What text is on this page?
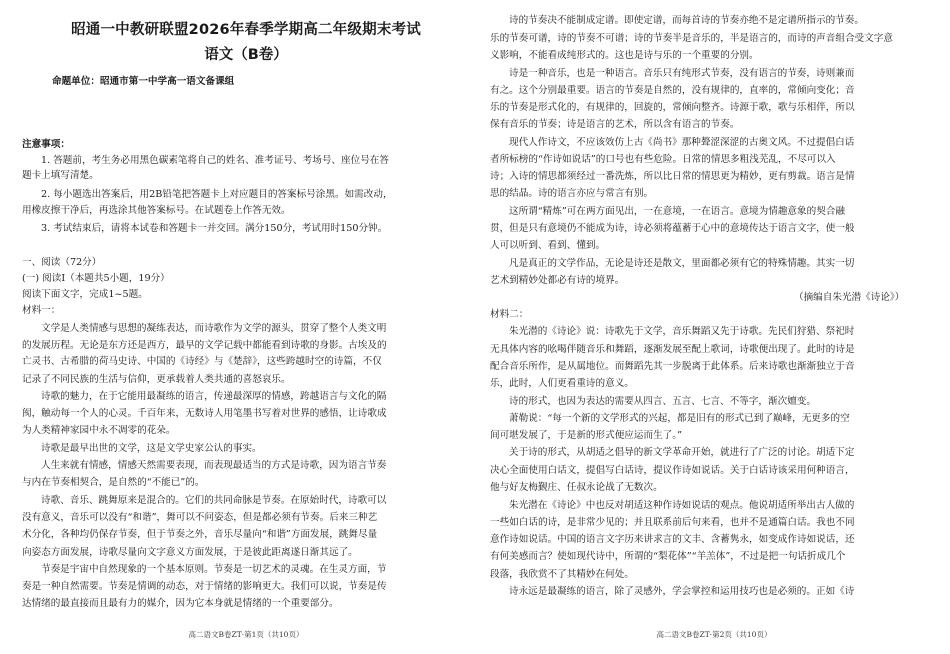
昭通一中教研联盟2026年春季学期高二年级期末考试
语文（B卷）
命题单位：昭通市第一中学高一语文备课组
注意事项：
1. 答题前，考生务必用黑色碳素笔将自己的姓名、准考证号、考场号、座位号在答
题卡上填写清楚。
2. 每小题选出答案后，用2B铅笔把答题卡上对应题目的答案标号涂黑。如需改动，
用橡皮擦干净后，再选涂其他答案标号。在试题卷上作答无效。
3. 考试结束后，请将本试卷和答题卡一并交回。满分150分，考试用时150分钟。
一、阅读（72分）
(一) 阅读Ⅰ（本题共5小题，19分）
阅读下面文字，完成1~5题。
材料一：
文学是人类情感与思想的凝练表达，而诗歌作为文学的源头，贯穿了整个人类文明
的发展历程。无论是东方还是西方，最早的文学记载中都能看到诗歌的身影。古埃及的
亡灵书、古希腊的荷马史诗、中国的《诗经》与《楚辞》，这些跨越时空的诗篇，不仅
记录了不同民族的生活与信仰，更承载着人类共通的喜怒哀乐。
诗歌的魅力，在于它能用最凝练的语言，传递最深厚的情感，跨越语言与文化的隔
阂，触动每一个人的心灵。千百年来，无数诗人用笔墨书写着对世界的感悟，让诗歌成
为人类精神家园中永不凋零的花朵。
诗歌是最早出世的文学，这是文学史家公认的事实。
人生来就有情感，情感天然需要表现，而表现最适当的方式是诗歌，因为语言节奏
与内在节奏相契合，是自然的“不能已”的。
诗歌、音乐、跳舞原来是混合的。它们的共同命脉是节奏。在原始时代，诗歌可以
没有意义，音乐可以没有“和谐”，舞可以不问姿态，但是都必须有节奏。后来三种艺
术分化，各种均仍保存节奏，但于节奏之外，音乐尽量向“和谐”方面发展，跳舞尽量
向姿态方面发展，诗歌尽量向文字意义方面发展，于是彼此距离遂日渐其远了。
节奏是宇宙中自然现象的一个基本原则。节奏是一切艺术的灵魂。在生灵方面，节
奏是一种自然需要。节奏是情调的动态，对于情绪的影响更大。我们可以说，节奏是传
达情绪的最直接而且最有力的媒介，因为它本身就是情绪的一个重要部分。
高二语文B卷ZT·第1页（共10页）
诗的节奏决不能制成定谱。即使定谱，而每首诗的节奏亦绝不是定谱所指示的节奏。
乐的节奏可谱，诗的节奏不可谱；诗的节奏半是音乐的，半是语言的，而诗的声音组合受文字意
义影响，不能看成纯形式的。这也是诗与乐的一个重要的分别。
诗是一种音乐，也是一种语言。音乐只有纯形式节奏，没有语言的节奏，诗则兼而
有之。这个分别最重要。语言的节奏是自然的，没有规律的，直率的，常倾向变化；音
乐的节奏是形式化的，有规律的，回旋的，常倾向整齐。诗源于歌，歌与乐相伴，所以
保有音乐的节奏；诗是语言的艺术，所以含有语言的节奏。
现代人作诗文，不应该效仿上古《尚书》那种聱涩深涩的古奥文风。不过提倡白话
者所标榜的“作诗如说话”的口号也有些危险。日常的情思多粗浅芜乱，不尽可以入
诗；入诗的情思都须经过一番洗炼，所以比日常的情思更为精妙，更有剪裁。语言是情
思的结晶。诗的语言亦应与常言有别。
这所谓“精炼”可在两方面见出，一在意境，一在语言。意境为情趣意象的契合融
贯，但是只有意境仍不能成为诗，诗必须将蕴蓄于心中的意境传达于语言文字，使一般
人可以听到、看到、懂到。
凡是真正的文学作品，无论是诗还是散文，里面都必须有它的特殊情趣。其实一切
艺术到精妙处都必有诗的境界。
（摘编自朱光潜《诗论》）
材料二：
朱光潜的《诗论》说：诗歌先于文学，音乐舞蹈又先于诗歌。先民们狩猎、祭祀时
无具体内容的吆喝伴随音乐和舞蹈，逐渐发展至配上歌词，诗歌便出现了。此时的诗是
配合音乐所作，是从属地位。而舞蹈先其一步脱离于此体系。后来诗歌也渐渐独立于音
乐，此时，人们更看重诗的意义。
诗的形式，也因为表达的需要从四言、五言、七言、不等字，渐次嬗变。
萧勒说：“每一个新的文学形式的兴起，都是旧有的形式已到了巅峰，无更多的空
间可堪发展了，于是新的形式便应运而生了。”
关于诗的形式，从胡适之倡导的新文学革命开始，就进行了广泛的讨论。胡适下定
决心全面使用白话文，提倡写白话诗，提议作诗如说话。关于白话诗该采用何种语言，
他与好友梅觐庄、任叔永论战了无数次。
朱光潜在《诗论》中也反对胡适这种作诗如说话的观点。他说胡适所举出古人做的
一些如白话的诗，是非常少见的；并且联系前后句来看，也并不是通篇白话。我也不同
意作诗如说话。中国的语言文字历来讲求言的文丰、含蓄隽永，如变成作诗如说话，还
有何美感而言？使如现代诗中，所谓的“梨花体”“羊羔体”，不过是把一句话折成几个
段落，我欣赏不了其精妙在何处。
诗永远是最凝练的语言，除了灵感外，学会掌控和运用技巧也是必须的。正如《诗
高二语文B卷ZT·第2页（共10页）
